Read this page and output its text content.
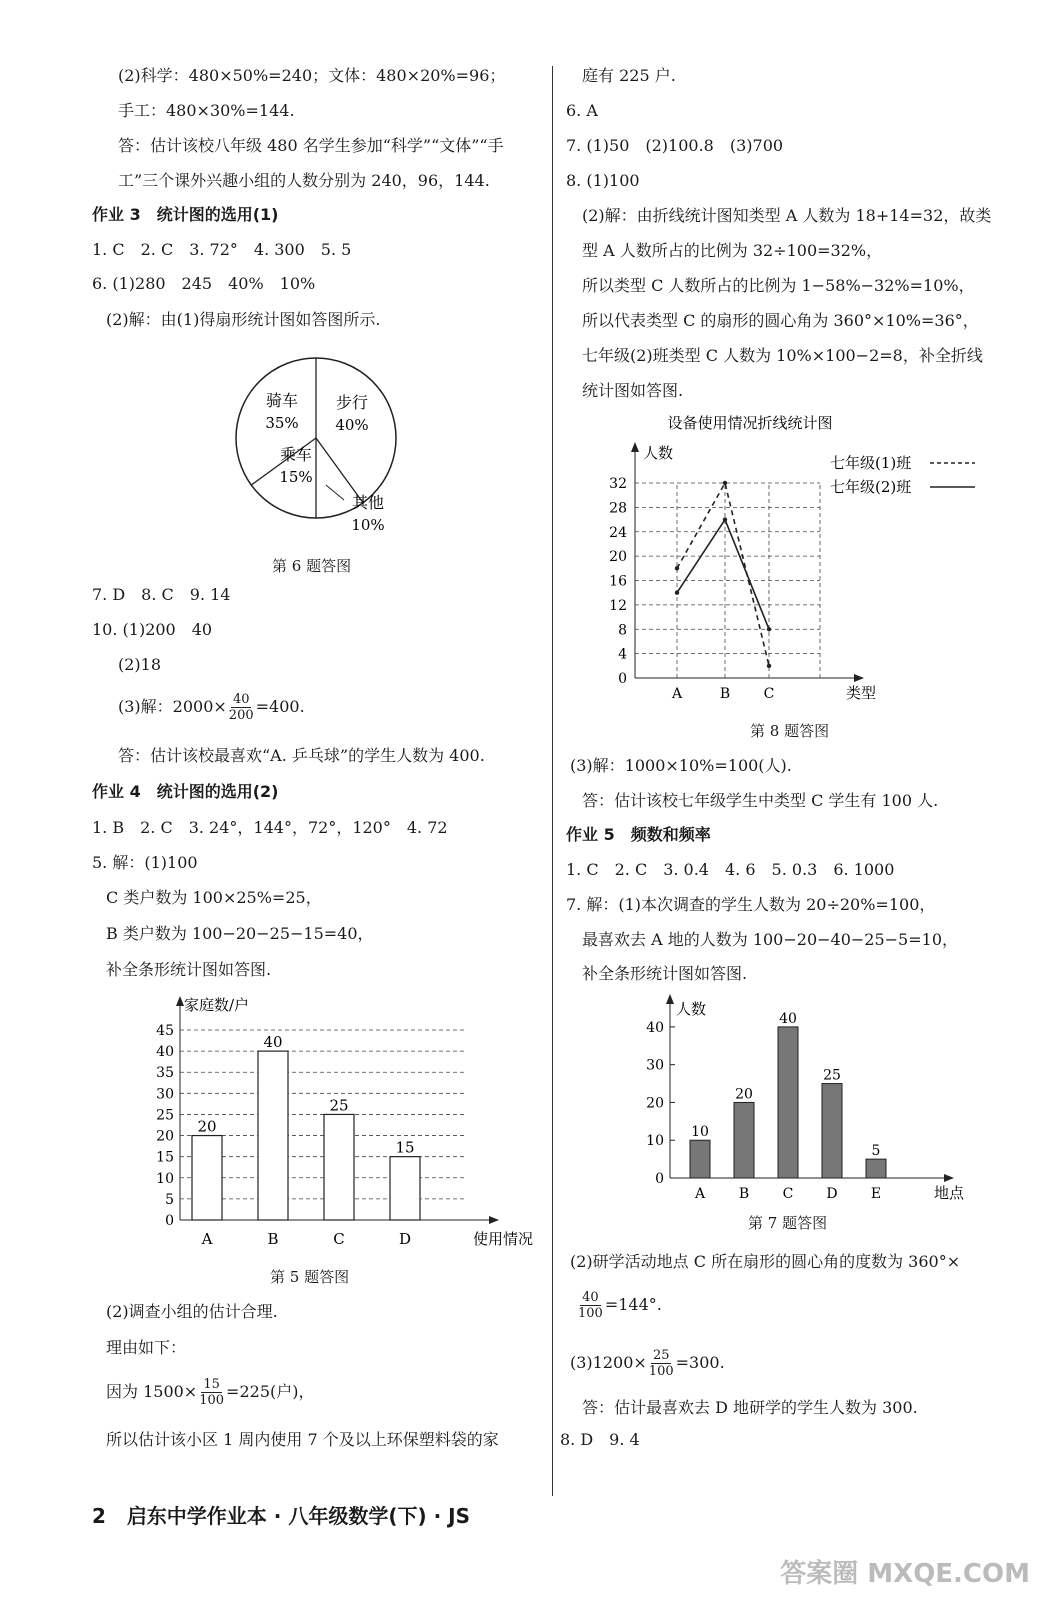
(2)科学：480×50%=240；文体：480×20%=96；
手工：480×30%=144.
答：估计该校八年级 480 名学生参加“科学”“文体”“手
工”三个课外兴趣小组的人数分别为 240，96，144.
作业 3　统计图的选用(1)
1. C　2. C　3. 72°　4. 300　5. 5
6. (1)280　245　40%　10%
(2)解：由(1)得扇形统计图如答图所示.
步行
40%
骑车
35%
乘车
15%
其他
10%
第 6 题答图
7. D　8. C　9. 14
10. (1)200　40
(2)18
(3)解：$2000\times \frac{40}{200} =400$.
答：估计该校最喜欢“A. 乒乓球”的学生人数为 400.
作业 4　统计图的选用(2)
1. B　2. C　3. 24°，144°，72°，120°　4. 72
5. 解：(1)100
C 类户数为 100×25%=25，
B 类户数为 100−20−25−15=40，
补全条形统计图如答图.
家庭数/户
使用情况
0
5
10
15
20
25
30
35
40
45
20
A
40
B
25
C
15
D
第 5 题答图
(2)调查小组的估计合理.
理由如下：
因为 $1500\times \frac{15}{100} =225$(户)，
所以估计该小区 1 周内使用 7 个及以上环保塑料袋的家
庭有 225 户.
6. A
7. (1)50　(2)100.8　(3)700
8. (1)100
(2)解：由折线统计图知类型 A 人数为 18+14=32，故类
型 A 人数所占的比例为 32÷100=32%，
所以类型 C 人数所占的比例为 1−58%−32%=10%，
所以代表类型 C 的扇形的圆心角为 360°×10%=36°，
七年级(2)班类型 C 人数为 10%×100−2=8，补全折线
统计图如答图.
设备使用情况折线统计图
人数
类型
0
4
8
12
16
20
24
28
32
A	B C
七年级(1)班
七年级(2)班
第 8 题答图
(3)解：1000×10%=100(人).
答：估计该校七年级学生中类型 C 学生有 100 人.
作业 5　频数和频率
1. C　2. C　3. 0.4　4. 6　5. 0.3　6. 1000
7. 解：(1)本次调查的学生人数为 20÷20%=100，
最喜欢去 A 地的人数为 100−20−40−25−5=10，
补全条形统计图如答图.
人数
地点
0
10
20
30
40
10
A
20
B
40
C
25
D
5
E
第 7 题答图
(2)研学活动地点 C 所在扇形的圆心角的度数为 360°×
$\frac{40}{100} =144^\circ$.
$(3)1200\times \frac{25}{100} =300$.
答：估计最喜欢去 D 地研学的学生人数为 300.
8. D　9. 4
2 启东中学作业本 · 八年级数学(下) · JS
答案圈 MXQE.COM
